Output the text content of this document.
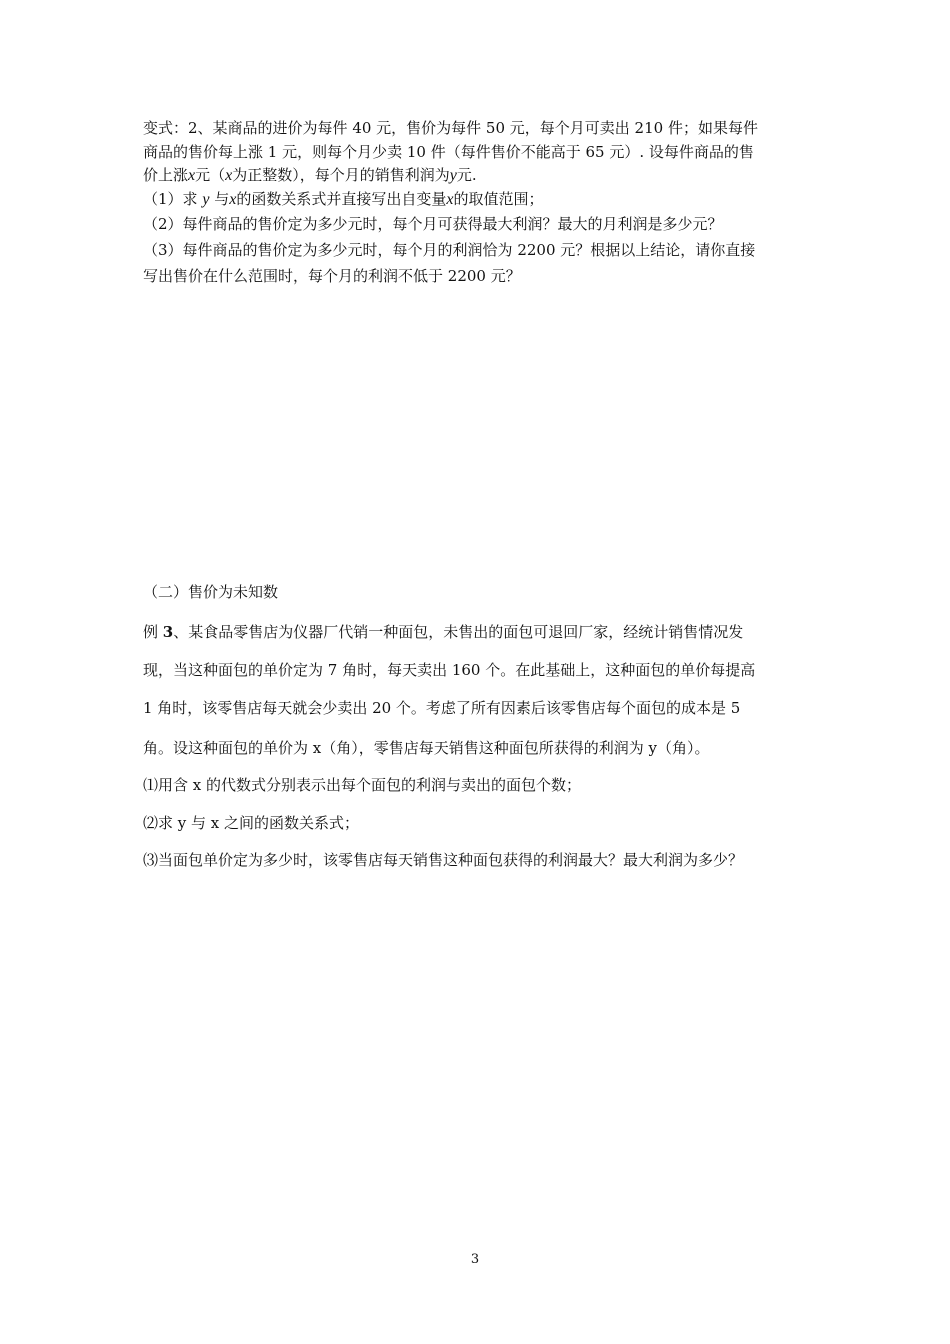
变式：2、某商品的进价为每件 40 元，售价为每件 50 元，每个月可卖出 210 件；如果每件
商品的售价每上涨 1 元，则每个月少卖 10 件（每件售价不能高于 65 元）. 设每件商品的售
价上涨x元（x为正整数），每个月的销售利润为y元.
（1）求 y 与x的函数关系式并直接写出自变量x的取值范围；
（2）每件商品的售价定为多少元时，每个月可获得最大利润？最大的月利润是多少元？
（3）每件商品的售价定为多少元时，每个月的利润恰为 2200 元？根据以上结论，请你直接
写出售价在什么范围时，每个月的利润不低于 2200 元？
（二）售价为未知数
例 3、某食品零售店为仪器厂代销一种面包，未售出的面包可退回厂家，经统计销售情况发
现，当这种面包的单价定为 7 角时，每天卖出 160 个。在此基础上，这种面包的单价每提高
1 角时，该零售店每天就会少卖出 20 个。考虑了所有因素后该零售店每个面包的成本是 5
角。设这种面包的单价为 x（角），零售店每天销售这种面包所获得的利润为 y（角）。
⑴用含 x 的代数式分别表示出每个面包的利润与卖出的面包个数；
⑵求 y 与 x 之间的函数关系式；
⑶当面包单价定为多少时，该零售店每天销售这种面包获得的利润最大？最大利润为多少？
3
